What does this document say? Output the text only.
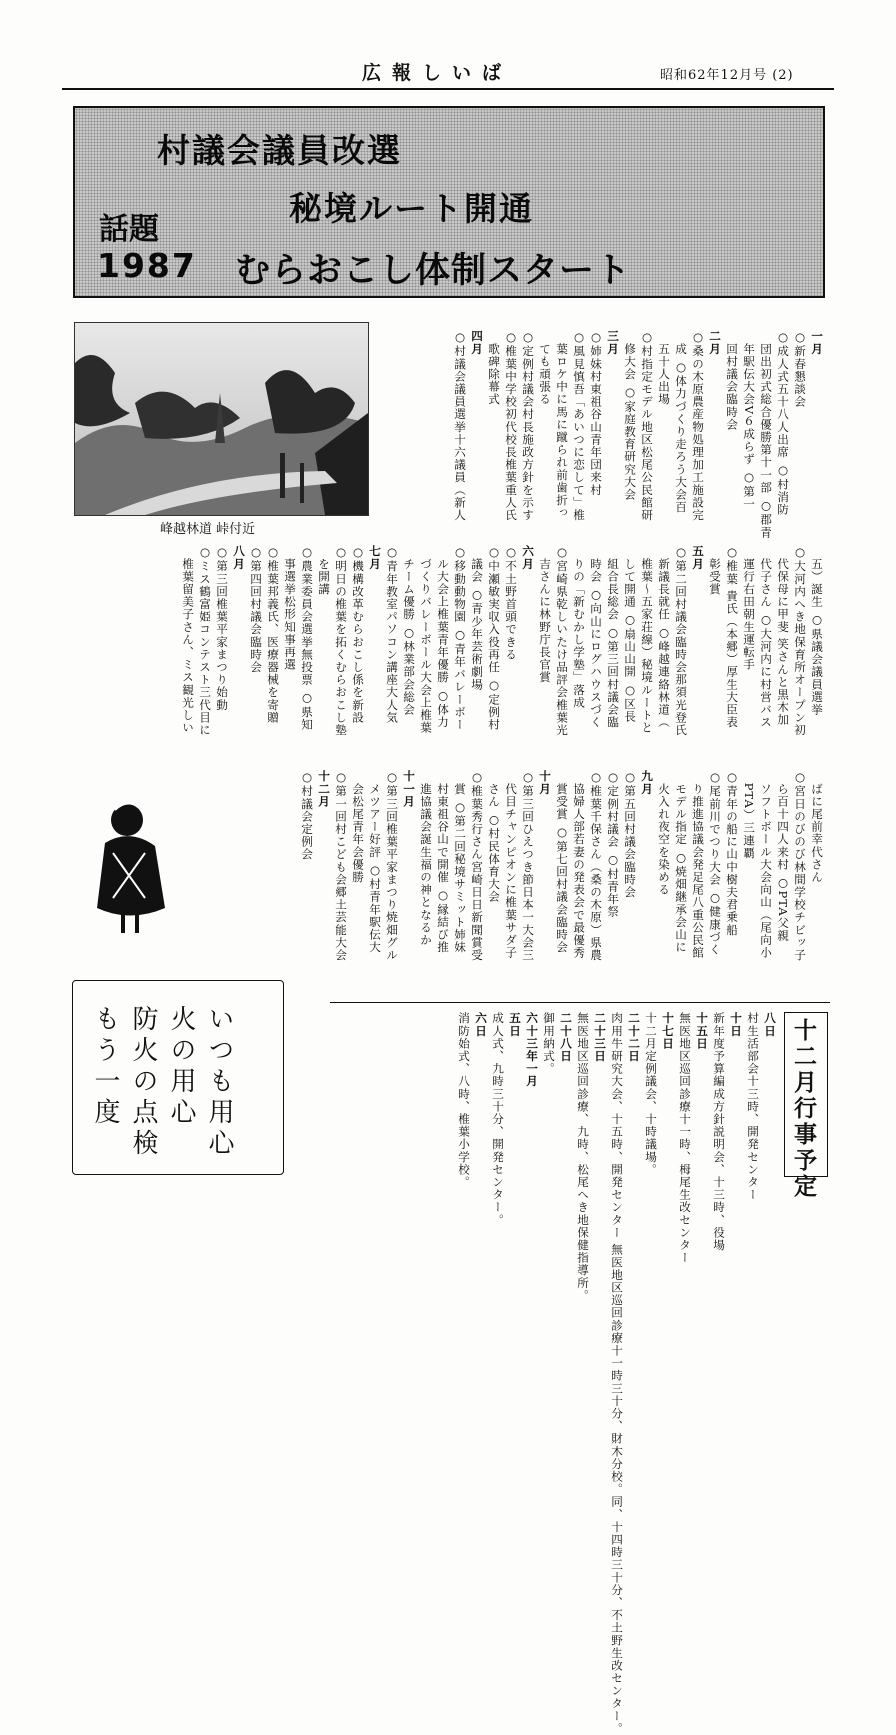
広報しいば	昭和62年12月号 (2)
村議会議員改選
秘境ルート開通
むらおこし体制スタート
話題
1987
峰越林道 峠付近
一月
○新春懇談会
○成人式五十八人出席 ○村消防
　団出初式総合優勝第十一部 ○郡青
　年駅伝大会V６成らず ○第一
　回村議会臨時会
二月
○桑の木原農産物処理加工施設完
　成 ○体力づくり走ろう大会百
　五十人出場
○村指定モデル地区松尾公民館研
　修大会 ○家庭教育研究大会
三月
○姉妹村東祖谷山青年団来村
○風見慎吾「あいつに恋して」椎
　葉ロケ中に馬に蹴られ前歯折っ
　ても頑張る
○定例村議会村長施政方針を示す
○椎葉中学校初代校長椎葉重人氏
　歌碑除幕式
四月
○村議会議員選挙十六議員（新人
　五）誕生 ○県議会議員選挙
○大河内へき地保育所オープン初
　代保母に甲斐 笑さんと黒木加
　代子さん ○大河内に村営バス
　運行右田朝生運転手
○椎葉 貴氏（本郷）厚生大臣表
　彰受賞
五月
○第二回村議会臨時会那須光登氏
　新議長就任 ○峰越連絡林道（
　椎葉〜五家荘線）秘境ルートと
　して開通 ○扇山山開 ○区長
　組合長総会 ○第三回村議会臨
　時会 ○向山にログハウスづく
　りの「新むかし学塾」落成
○宮崎県乾しいたけ品評会椎葉光
　吉さんに林野庁長官賞
六月
○不土野首頭できる
○中瀬敏実収入役再任 ○定例村
　議会 ○青少年芸術劇場
○移動動物園 ○青年バレーボー
　ル大会上椎葉青年優勝 ○体力
　づくりバレーボール大会上椎葉
　チーム優勝 ○林業部会総会
○青年教室パソコン講座大人気
七月
○機構改革むらおこし係を新設
○明日の椎葉を拓くむらおこし塾
　を開講
○農業委員会選挙無投票 ○県知
　事選挙松形知事再選
○椎葉邦義氏、医療器械を寄贈
○第四回村議会臨時会
八月
○第三回椎葉平家まつり始動
○ミス鶴富姫コンテスト三代目に
　椎葉留美子さん、ミス観光しい
　ばに尾前幸代さん
○宮日のびのび林間学校チビッ子
　ら百十四人来村 ○PTA父親
　ソフトボール大会向山（尾向小
　PTA）三連覇
○青年の船に山中樹夫君乗船
○尾前川でつり大会 ○健康づく
　り推進協議会発足尾八重公民館
　モデル指定 ○焼畑継承会山に
　火入れ夜空を染める
九月
○第五回村議会臨時会
○定例村議会 ○村青年祭
○椎葉千保さん（桑の木原）県農
　協婦人部若妻の発表会で最優秀
　賞受賞 ○第七回村議会臨時会
十月
○第三回ひえつき節日本一大会三
　代目チャンピオンに椎葉サダ子
　さん ○村民体育大会
○椎葉秀行さん宮崎日日新聞賞受
　賞 ○第二回秘境サミット姉妹
　村東祖谷山で開催 ○縁結び推
　進協議会誕生福の神となるか
十一月
○第三回椎葉平家まつり焼畑グル
　メツアー好評 ○村青年駅伝大
　会松尾青年会優勝
○第一回村こども会郷土芸能大会
十二月
○村議会定例会
いつも用心
火の用心
防火の点検
もう一度	十二月行事予定
八日
村生活部会十三時、開発センター
十日
新年度予算編成方針説明会、十三時、役場
十五日
無医地区巡回診療十一時、栂尾生改センター
十七日
十二月定例議会、十時議場。
二十二日
肉用牛研究大会、十五時、開発センター 無医地区巡回診療十一時三十分、財木分校。同、十四時三十分、不土野生改センター。
二十三日
無医地区巡回診療、九時、松尾へき地保健指導所。
二十八日
御用納式。
六十三年一月
五日
成人式、九時三十分、開発センター。
六日
消防始式、八時、椎葉小学校。
